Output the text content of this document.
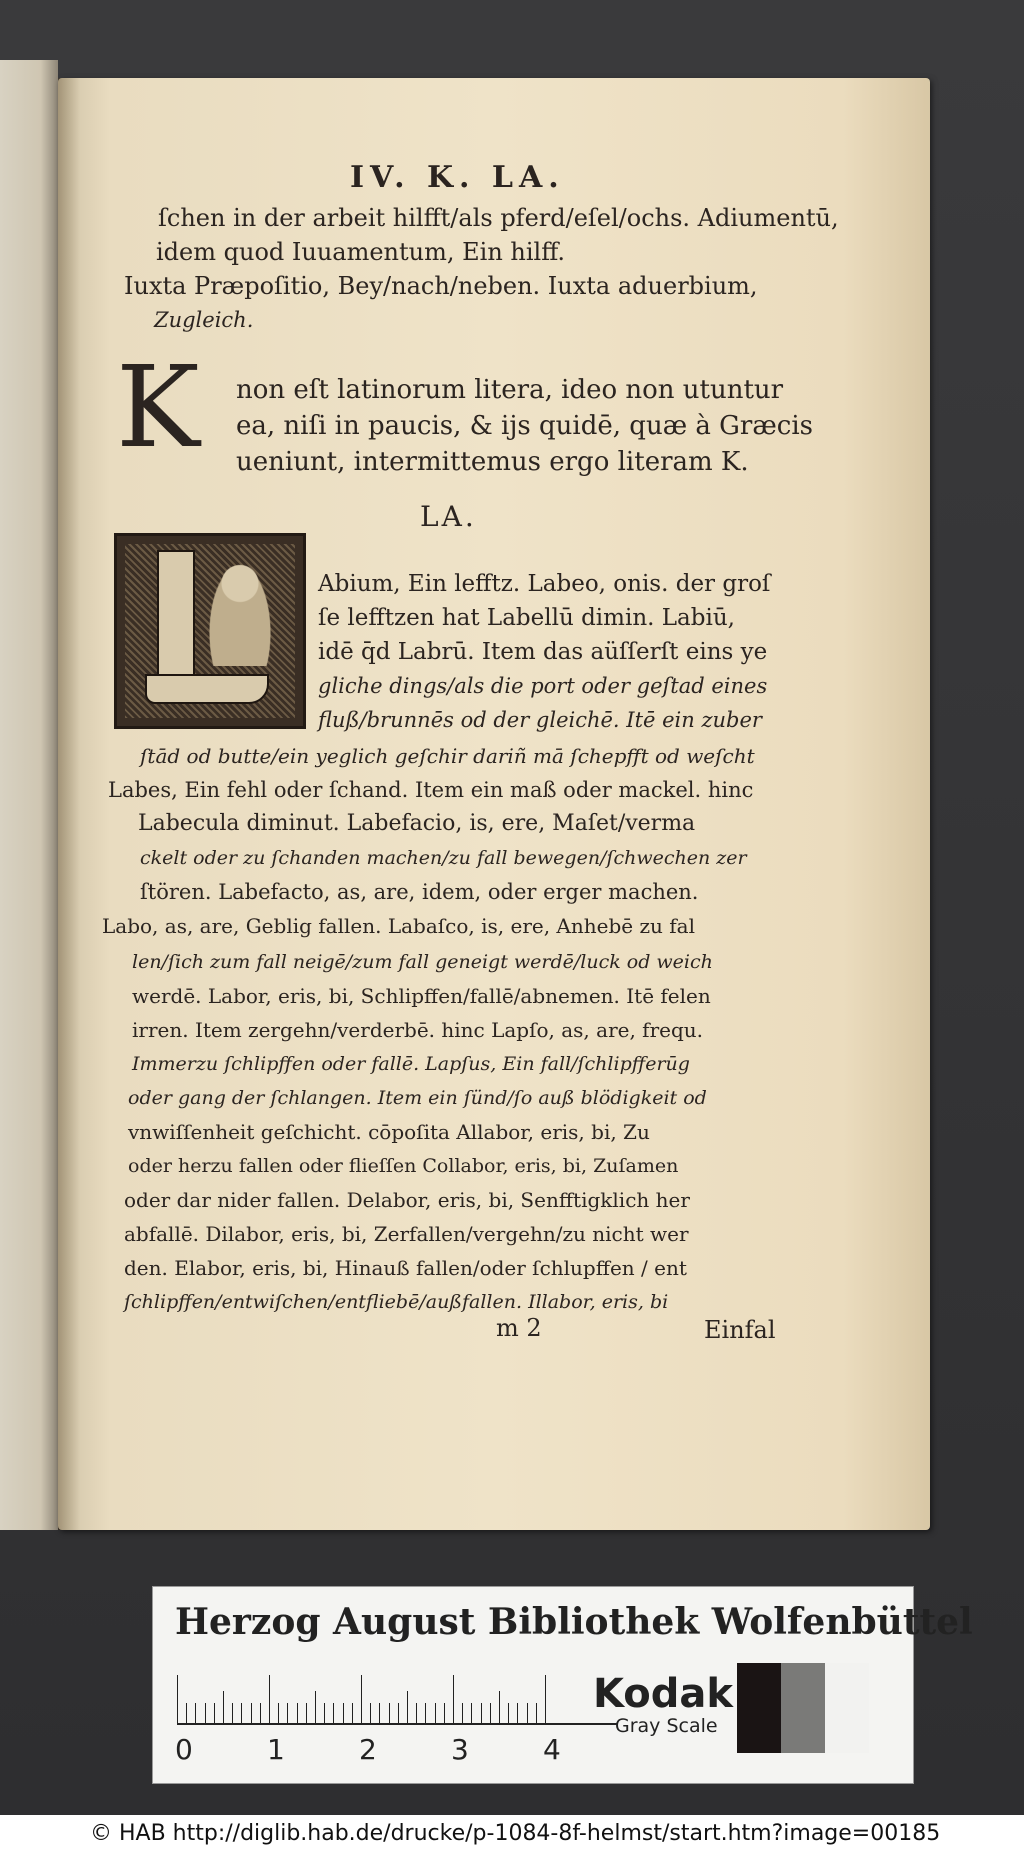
IV. K. LA.
ſchen in der arbeit hilfft/als pferd/eſel/ochs. Adiumentū,
idem quod Iuuamentum, Ein hilff.
Iuxta Præpoſitio, Bey/nach/neben. Iuxta aduerbium,
Zugleich.
K non eſt latinorum litera, ideo non utuntur
ea, niſi in paucis, & ijs quidē, quæ à Græcis
ueniunt, intermittemus ergo literam K.
LA.
Abium, Ein lefftz. Labeo, onis. der groſ
ſe lefftzen hat Labellū dimin. Labiū,
idē q̄d Labrū. Item das aüſſerſt eins ye
gliche dings/als die port oder geſtad eines
fluß/brunnēs od der gleichē. Itē ein zuber
ſtād od butte/ein yeglich geſchir dariñ mā ſchepfft od weſcht
Labes, Ein fehl oder ſchand. Item ein maß oder mackel. hinc
Labecula diminut. Labefacio, is, ere, Maſet/verma
ckelt oder zu ſchanden machen/zu fall bewegen/ſchwechen zer
ſtören. Labefacto, as, are, idem, oder erger machen.
Labo, as, are, Geblig fallen. Labaſco, is, ere, Anhebē zu fal
len/ſich zum fall neigē/zum fall geneigt werdē/luck od weich
werdē. Labor, eris, bi, Schlipffen/fallē/abnemen. Itē felen
irren. Item zergehn/verderbē. hinc Lapſo, as, are, frequ.
Immerzu ſchlipffen oder fallē. Lapſus, Ein fall/ſchlipfferūg
oder gang der ſchlangen. Item ein ſünd/ſo auß blödigkeit od
vnwiſſenheit geſchicht. cōpoſita Allabor, eris, bi, Zu
oder herzu fallen oder flieſſen Collabor, eris, bi, Zuſamen
oder dar nider fallen. Delabor, eris, bi, Senfftigklich her
abfallē. Dilabor, eris, bi, Zerfallen/vergehn/zu nicht wer
den. Elabor, eris, bi, Hinauß fallen/oder ſchlupffen / ent
ſchlipffen/entwiſchen/entfliebē/außfallen. Illabor, eris, bi
m 2	Einfal
Herzog August Bibliothek Wolfenbüttel
0	1	2	3	4
Kodak
Gray Scale
© HAB http://diglib.hab.de/drucke/p-1084-8f-helmst/start.htm?image=00185
